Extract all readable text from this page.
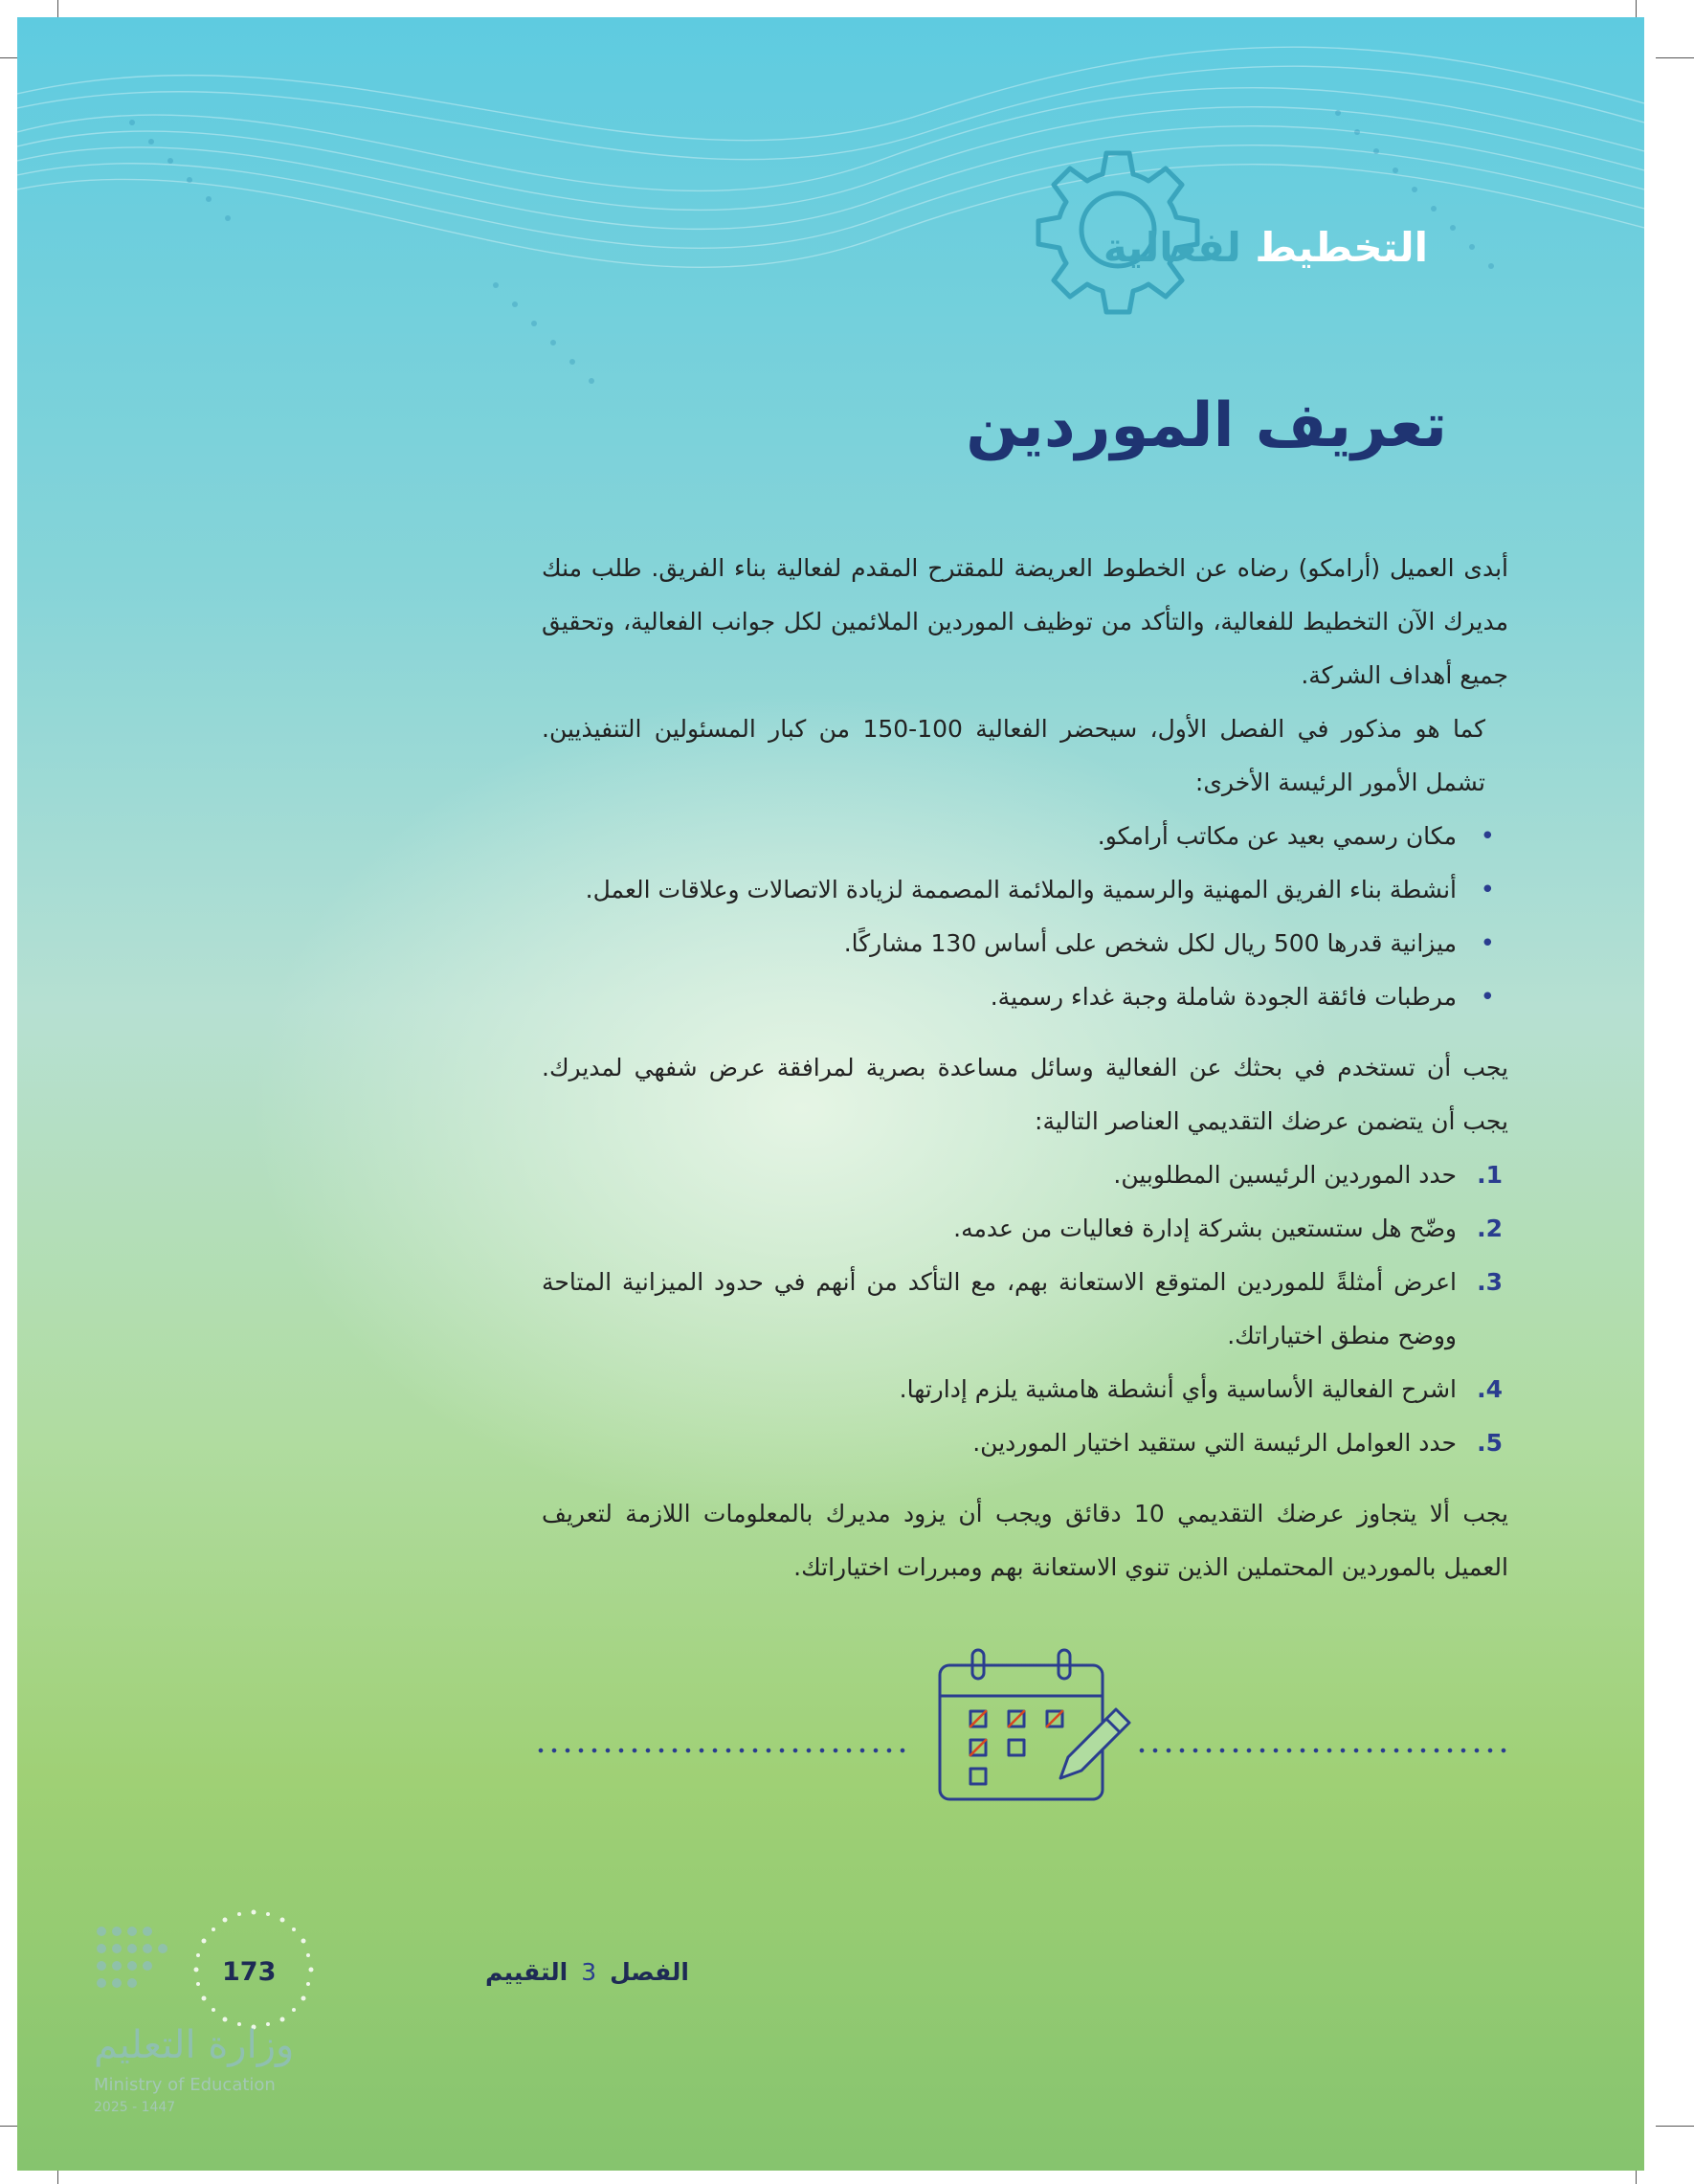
التخطيط لفعالية
تعريف الموردين

أبدى العميل (أرامكو) رضاه عن الخطوط العريضة للمقترح المقدم لفعالية بناء الفريق. طلب منك مديرك الآن التخطيط للفعالية، والتأكد من توظيف الموردين الملائمين لكل جوانب الفعالية، وتحقيق جميع أهداف الشركة.

كما هو مذكور في الفصل الأول، سيحضر الفعالية 100-150 من كبار المسئولين التنفيذيين. تشمل الأمور الرئيسة الأخرى:

•
مكان رسمي بعيد عن مكاتب أرامكو.
•
أنشطة بناء الفريق المهنية والرسمية والملائمة المصممة لزيادة الاتصالات وعلاقات العمل.
•
ميزانية قدرها 500 ريال لكل شخص على أساس 130 مشاركًا.
•
مرطبات فائقة الجودة شاملة وجبة غداء رسمية.

يجب أن تستخدم في بحثك عن الفعالية وسائل مساعدة بصرية لمرافقة عرض شفهي لمديرك. يجب أن يتضمن عرضك التقديمي العناصر التالية:

1.
حدد الموردين الرئيسين المطلوبين.
2.
وضّح هل ستستعين بشركة إدارة فعاليات من عدمه.
3.
اعرض أمثلةً للموردين المتوقع الاستعانة بهم، مع التأكد من أنهم في حدود الميزانية المتاحة ووضح منطق اختياراتك.
4.
اشرح الفعالية الأساسية وأي أنشطة هامشية يلزم إدارتها.
5.
حدد العوامل الرئيسة التي ستقيد اختيار الموردين.

يجب ألا يتجاوز عرضك التقديمي 10 دقائق ويجب أن يزود مديرك بالمعلومات اللازمة لتعريف العميل بالموردين المحتملين الذين تنوي الاستعانة بهم ومبررات اختياراتك.

الفصل3التقييم
173
وزارة التعليم
Ministry of Education
2025 - 1447
